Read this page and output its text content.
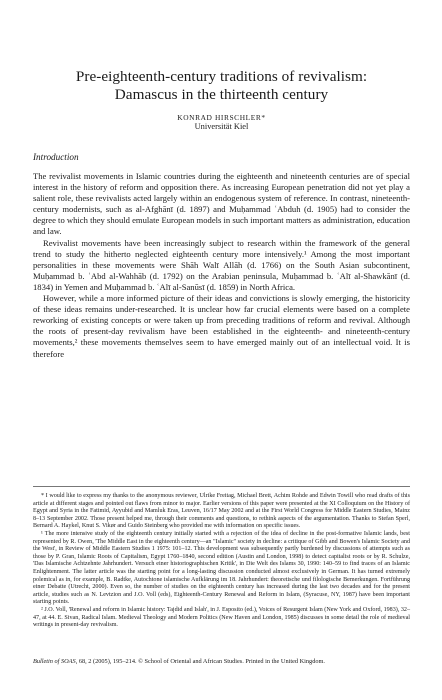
Pre-eighteenth-century traditions of revivalism:
Damascus in the thirteenth century
KONRAD HIRSCHLER*
Universität Kiel
Introduction

The revivalist movements in Islamic countries during the eighteenth and nineteenth centuries are of special interest in the history of reform and opposition there. As increasing European penetration did not yet play a salient role, these revivalists acted largely within an endogenous system of reference. In contrast, nineteenth-century modernists, such as al-Afghānī (d. 1897) and Muḥammad ʿAbduh (d. 1905) had to consider the degree to which they should emulate European models in such important matters as administration, education and law.

Revivalist movements have been increasingly subject to research within the framework of the general trend to study the hitherto neglected eighteenth century more intensively.¹ Among the most important personalities in these movements were Shāh Walī Allāh (d. 1766) on the South Asian subcontinent, Muḥammad b. ʿAbd al-Wahhāb (d. 1792) on the Arabian peninsula, Muḥammad b. ʿAlī al-Shawkānī (d. 1834) in Yemen and Muḥammad b. ʿAlī al-Sanūsī (d. 1859) in North Africa.

However, while a more informed picture of their ideas and convictions is slowly emerging, the historicity of these ideas remains under-researched. It is unclear how far crucial elements were based on a complete reworking of existing concepts or were taken up from preceding traditions of reform and revival. Although the roots of present-day revivalism have been established in the eighteenth- and nineteenth-century movements,² these movements themselves seem to have emerged mainly out of an intellectual void. It is therefore

* I would like to express my thanks to the anonymous reviewer, Ulrike Freitag, Michael Brett, Achim Rohde and Edwin Towill who read drafts of this article at different stages and pointed out flaws from minor to major. Earlier versions of this paper were presented at the XI Colloquium on the History of Egypt and Syria in the Fatimid, Ayyubid and Mamluk Eras, Leuven, 16/17 May 2002 and at the First World Congress for Middle Eastern Studies, Mainz 8–13 September 2002. Those present helped me, through their comments and questions, to rethink aspects of the argumentation. Thanks to Stefan Sperl, Bernard A. Haykel, Knut S. Vikør and Guido Steinberg who provided me with information on specific issues.

¹ The more intensive study of the eighteenth century initially started with a rejection of the idea of decline in the post-formative Islamic lands, best represented by R. Owen, 'The Middle East in the eighteenth century—an "Islamic" society in decline: a critique of Gibb and Bowen's Islamic Society and the West', in Review of Middle Eastern Studies 1 1975: 101–12. This development was subsequently partly burdened by discussions of attempts such as those by P. Gran, Islamic Roots of Capitalism, Egypt 1760–1840, second edition (Austin and London, 1998) to detect capitalist roots or by R. Schulze, 'Das Islamische Achtzehnte Jahrhundert. Versuch einer historiographischen Kritik', in Die Welt des Islams 30, 1990: 140–59 to find traces of an Islamic Enlightenment. The latter article was the starting point for a long-lasting discussion conducted almost exclusively in German. It has turned extremely polemical as in, for example, B. Radtke, Autochtone islamische Aufklärung im 18. Jahrhundert: theoretische und filologische Bemerkungen. Fortführung einer Debatte (Utrecht, 2000). Even so, the number of studies on the eighteenth century has increased during the last two decades and for the present article, studies such as N. Levtzion and J.O. Voll (eds), Eighteenth-Century Renewal and Reform in Islam, (Syracuse, NY, 1987) have been important starting points.

² J.O. Voll, 'Renewal and reform in Islamic history: Tajdid and Islah', in J. Esposito (ed.), Voices of Resurgent Islam (New York and Oxford, 1983), 32–47, at 44. E. Sivan, Radical Islam. Medieval Theology and Modern Politics (New Haven and London, 1985) discusses in some detail the role of medieval writings in present-day revivalism.

Bulletin of SOAS, 68, 2 (2005), 195–214. © School of Oriental and African Studies. Printed in the United Kingdom.
